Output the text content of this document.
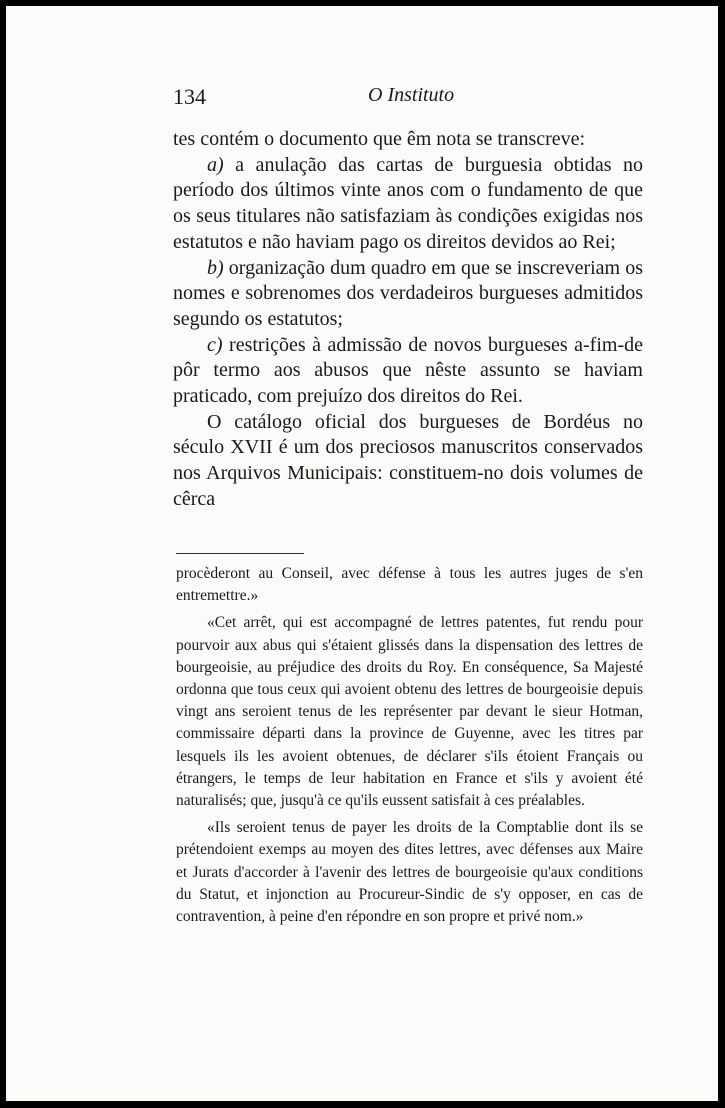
134	O Instituto

tes contém o documento que êm nota se transcreve:

a) a anulação das cartas de burguesia obtidas no período dos últimos vinte anos com o fundamento de que os seus titulares não satisfaziam às condições exigidas nos estatutos e não haviam pago os direitos devidos ao Rei;

b) organização dum quadro em que se inscreveriam os nomes e sobrenomes dos verdadeiros burgueses admitidos segundo os estatutos;

c) restrições à admissão de novos burgueses a-fim-de pôr termo aos abusos que nêste assunto se haviam praticado, com prejuízo dos direitos do Rei.

O catálogo oficial dos burgueses de Bordéus no século XVII é um dos preciosos manuscritos conservados nos Arquivos Municipais: constituem-no dois volumes de cêrca

procèderont au Conseil, avec défense à tous les autres juges de s'en entremettre.»

«Cet arrêt, qui est accompagné de lettres patentes, fut rendu pour pourvoir aux abus qui s'étaient glissés dans la dispensation des lettres de bourgeoisie, au préjudice des droits du Roy. En conséquence, Sa Majesté ordonna que tous ceux qui avoient obtenu des lettres de bourgeoisie depuis vingt ans seroient tenus de les représenter par devant le sieur Hotman, commissaire départi dans la province de Guyenne, avec les titres par lesquels ils les avoient obtenues, de déclarer s'ils étoient Français ou étrangers, le temps de leur habitation en France et s'ils y avoient été naturalisés; que, jusqu'à ce qu'ils eussent satisfait à ces préalables.

«Ils seroient tenus de payer les droits de la Comptablie dont ils se prétendoient exemps au moyen des dites lettres, avec défenses aux Maire et Jurats d'accorder à l'avenir des lettres de bourgeoisie qu'aux conditions du Statut, et injonction au Procureur-Sindic de s'y opposer, en cas de contravention, à peine d'en répondre en son propre et privé nom.»
